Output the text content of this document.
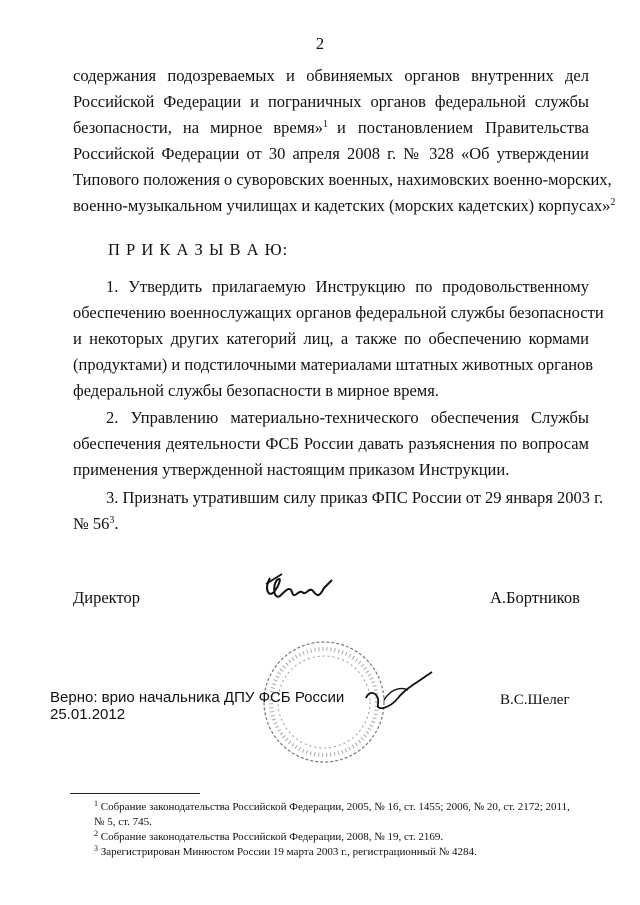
2
содержания подозреваемых и обвиняемых органов внутренних дел
Российской Федерации и пограничных органов федеральной службы
безопасности, на мирное время»$^1$ и постановлением Правительства
Российской Федерации от 30 апреля 2008 г. № 328 «Об утверждении
Типового положения о суворовских военных, нахимовских военно-морских,
военно-музыкальном училищах и кадетских (морских кадетских) корпусах»$^2$
П Р И К А З Ы В А Ю:
1. Утвердить прилагаемую Инструкцию по продовольственному
обеспечению военнослужащих органов федеральной службы безопасности
и некоторых других категорий лиц, а также по обеспечению кормами
(продуктами) и подстилочными материалами штатных животных органов
федеральной службы безопасности в мирное время.
2. Управлению материально-технического обеспечения Службы
обеспечения деятельности ФСБ России давать разъяснения по вопросам
применения утвержденной настоящим приказом Инструкции.
3. Признать утратившим силу приказ ФПС России от 29 января 2003 г.
№ $56^3$.
Директор	А.Бортников
Верно: врио начальника ДПУ ФСБ России
25.01.2012
В.С.Шелег
$^1$ Собрание законодательства Российской Федерации, 2005, № 16, ст. 1455; 2006, № 20, ст. 2172; 2011,
№ 5, ст. 745.
$^2$ Собрание законодательства Российской Федерации, 2008, № 19, ст. 2169.
$^3$ Зарегистрирован Минюстом России 19 марта 2003 г., регистрационный № 4284.
